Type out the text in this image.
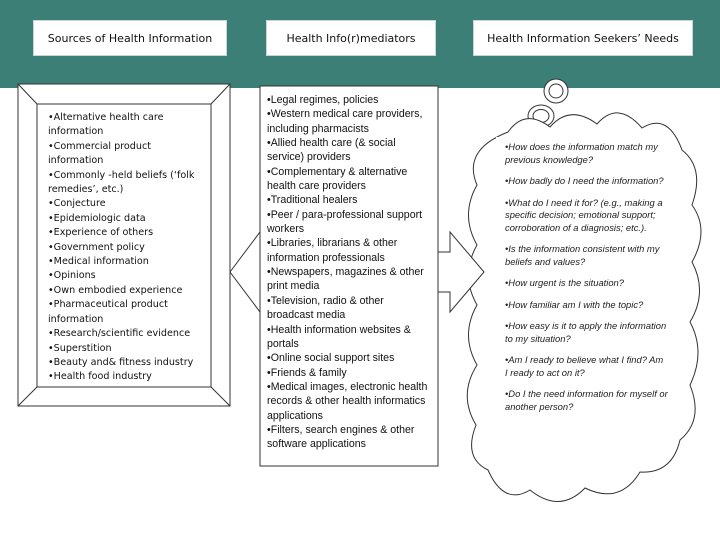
Sources of Health Information	Health Info(r)mediators	Health Information Seekers’ Needs
• Alternative health care information
• Commercial product information
• Commonly -held beliefs (‘folk remedies’, etc.)
• Conjecture
• Epidemiologic data
• Experience of others
• Government policy
• Medical information
• Opinions
• Own embodied experience
• Pharmaceutical product information
• Research/scientific evidence
• Superstition
• Beauty and& fitness industry
• Health food industry
• Legal regimes, policies
• Western medical care providers, including pharmacists
• Allied health care (& social service) providers
• Complementary & alternative health care providers
• Traditional healers
• Peer / para-professional support workers
• Libraries, librarians & other information professionals
• Newspapers, magazines & other print media
• Television, radio & other broadcast media
• Health information websites & portals
• Online social support sites
• Friends & family
• Medical images, electronic health records & other health informatics applications
• Filters, search engines & other software applications
• How does the information match my previous knowledge?
• How badly do I need the information?
• What do I need it for? (e.g., making a specific decision; emotional support; corroboration of a diagnosis; etc.).
• Is the information consistent with my beliefs and values?
• How urgent is the situation?
• How familiar am I with the topic?
• How easy is it to apply the information to my situation?
• Am I ready to believe what I find? Am I ready to act on it?
• Do I the need information for myself or another person?
